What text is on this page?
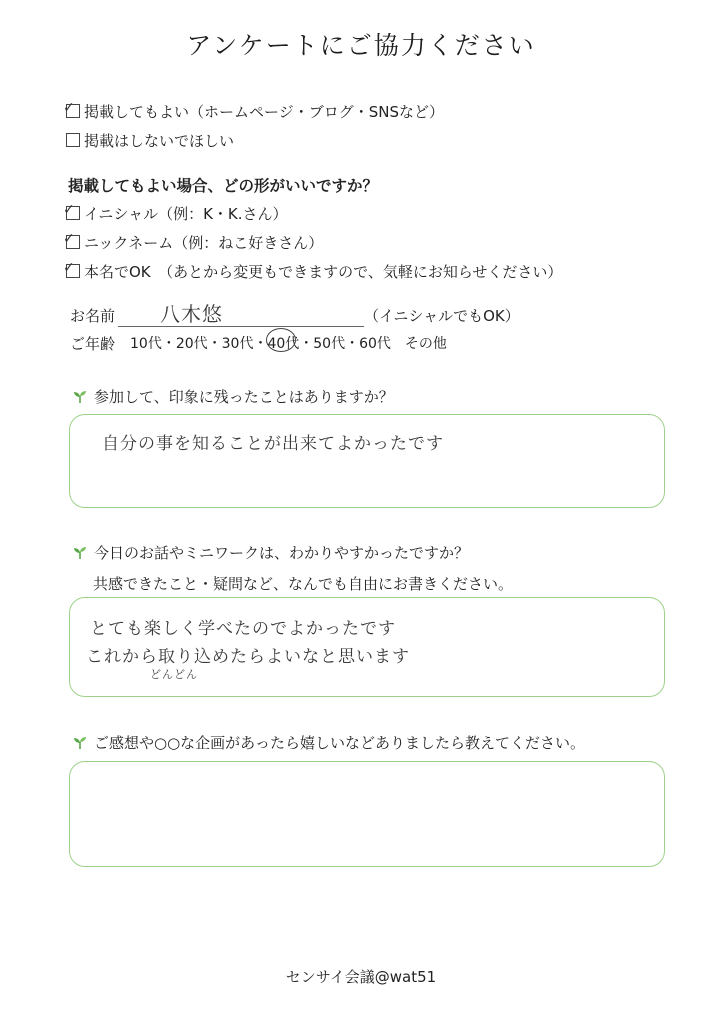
アンケートにご協力ください
✓ 掲載してもよい（ホームページ・ブログ・SNSなど）
掲載はしないでほしい
掲載してもよい場合、どの形がいいですか？
✓ イニシャル（例：K・K.さん）
✓ ニックネーム（例：ねこ好きさん）
✓ 本名でOK　（あとから変更もできますので、気軽にお知らせください）
お名前 八木悠	（イニシャルでもOK）
ご年齢 10代・20代・30代・40代・50代・60代　その他
参加して、印象に残ったことはありますか？
自分の事を知ることが出来てよかったです
今日のお話やミニワークは、わかりやすかったですか？
共感できたこと・疑問など、なんでも自由にお書きください。
とても楽しく学べたのでよかったです
これから取り込めたらよいなと思います
どんどん
ご感想や○○な企画があったら嬉しいなどありましたら教えてください。
センサイ会議@wat51
